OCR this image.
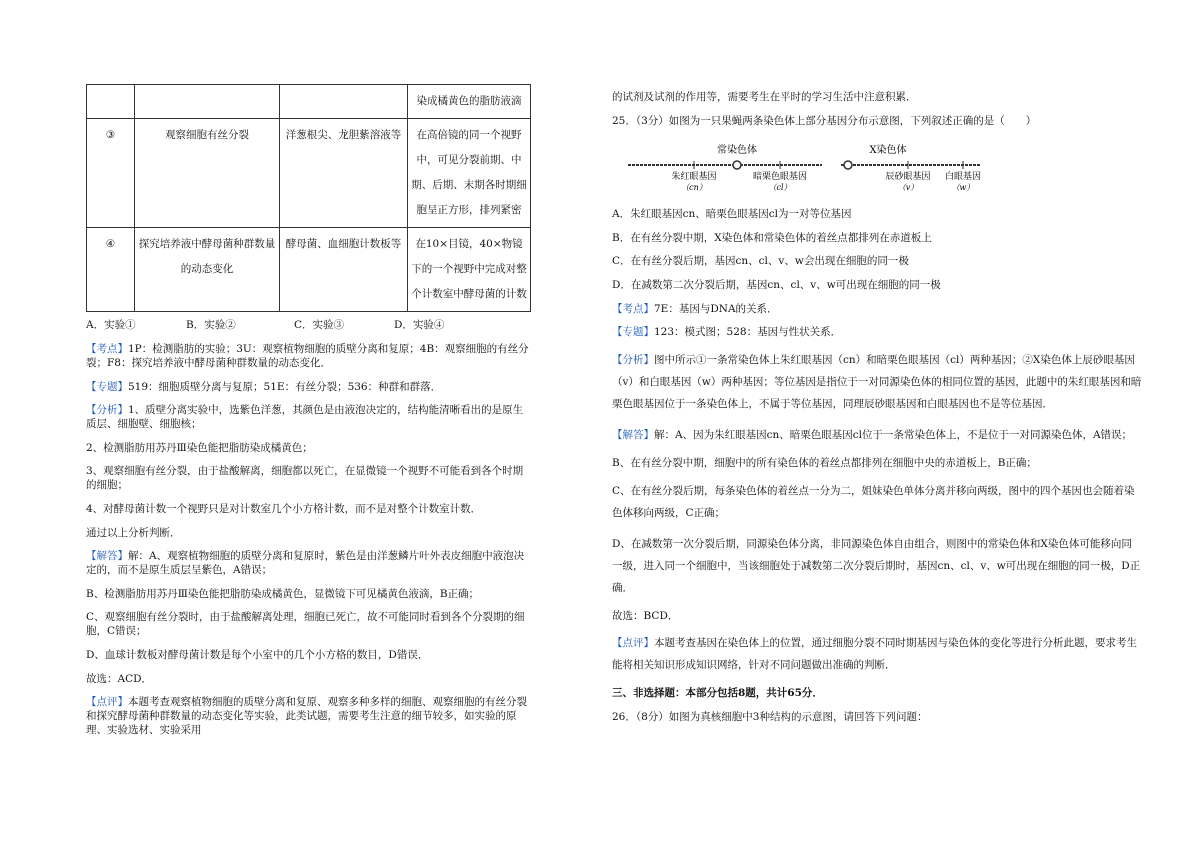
			染成橘黄色的脂肪液滴
③	观察细胞有丝分裂	洋葱根尖、龙胆紫溶液等	在高倍镜的同一个视野中，可见分裂前期、中期、后期、末期各时期细胞呈正方形，排列紧密
④	探究培养液中酵母菌种群数量的动态变化	酵母菌、血细胞计数板等	在10×目镜，40×物镜下的一个视野中完成对整个计数室中酵母菌的计数
A．实验①	B．实验②	C．实验③	D．实验④

【考点】1P：检测脂肪的实验；3U：观察植物细胞的质壁分离和复原；4B：观察细胞的有丝分裂；F8：探究培养液中酵母菌种群数量的动态变化．

【专题】519：细胞质壁分离与复原；51E：有丝分裂；536：种群和群落．

【分析】1、质壁分离实验中，选紫色洋葱，其颜色是由液泡决定的，结构能清晰看出的是原生质层、细胞壁、细胞核；

2、检测脂肪用苏丹Ⅲ染色能把脂肪染成橘黄色；

3、观察细胞有丝分裂，由于盐酸解离，细胞都以死亡，在显微镜一个视野不可能看到各个时期的细胞；

4、对酵母菌计数一个视野只是对计数室几个小方格计数，而不是对整个计数室计数．

通过以上分析判断．

【解答】解：A、观察植物细胞的质壁分离和复原时，紫色是由洋葱鳞片叶外表皮细胞中液泡决定的，而不是原生质层呈紫色，A错误；

B、检测脂肪用苏丹Ⅲ染色能把脂肪染成橘黄色，显微镜下可见橘黄色液滴，B正确；

C、观察细胞有丝分裂时，由于盐酸解离处理，细胞已死亡，故不可能同时看到各个分裂期的细胞，C错误；

D、血球计数板对酵母菌计数是每个小室中的几个小方格的数目，D错误．

故选：ACD．

【点评】本题考查观察植物细胞的质壁分离和复原、观察多种多样的细胞、观察细胞的有丝分裂和探究酵母菌种群数量的动态变化等实验，此类试题，需要考生注意的细节较多，如实验的原理、实验选材、实验采用

的试剂及试剂的作用等，需要考生在平时的学习生活中注意积累．

25．（3分）如图为一只果蝇两条染色体上部分基因分布示意图，下列叙述正确的是（　　）

常染色体	X染色体
朱红眼基因
（cn）
暗栗色眼基因
（cl）
辰砂眼基因
（v）
白眼基因
（w）

A．朱红眼基因cn、暗栗色眼基因cl为一对等位基因

B．在有丝分裂中期，X染色体和常染色体的着丝点都排列在赤道板上

C．在有丝分裂后期，基因cn、cl、v、w会出现在细胞的同一极

D．在减数第二次分裂后期，基因cn、cl、v、w可出现在细胞的同一极

【考点】7E：基因与DNA的关系．

【专题】123：模式图；528：基因与性状关系．

【分析】图中所示①一条常染色体上朱红眼基因（cn）和暗栗色眼基因（cl）两种基因；②X染色体上辰砂眼基因（v）和白眼基因（w）两种基因；等位基因是指位于一对同源染色体的相同位置的基因，此题中的朱红眼基因和暗栗色眼基因位于一条染色体上，不属于等位基因，同理辰砂眼基因和白眼基因也不是等位基因．

【解答】解：A、因为朱红眼基因cn、暗栗色眼基因cl位于一条常染色体上，不是位于一对同源染色体，A错误；

B、在有丝分裂中期，细胞中的所有染色体的着丝点都排列在细胞中央的赤道板上，B正确；

C、在有丝分裂后期，每条染色体的着丝点一分为二，姐妹染色单体分离并移向两级，图中的四个基因也会随着染色体移向两级，C正确；

D、在减数第一次分裂后期，同源染色体分离，非同源染色体自由组合，则图中的常染色体和X染色体可能移向同一级，进入同一个细胞中，当该细胞处于减数第二次分裂后期时，基因cn、cl、v、w可出现在细胞的同一极，D正确．

故选：BCD．

【点评】本题考查基因在染色体上的位置，通过细胞分裂不同时期基因与染色体的变化等进行分析此题，要求考生能将相关知识形成知识网络，针对不同问题做出准确的判断．

三、非选择题：本部分包括8题，共计65分．

26．（8分）如图为真核细胞中3种结构的示意图，请回答下列问题：
